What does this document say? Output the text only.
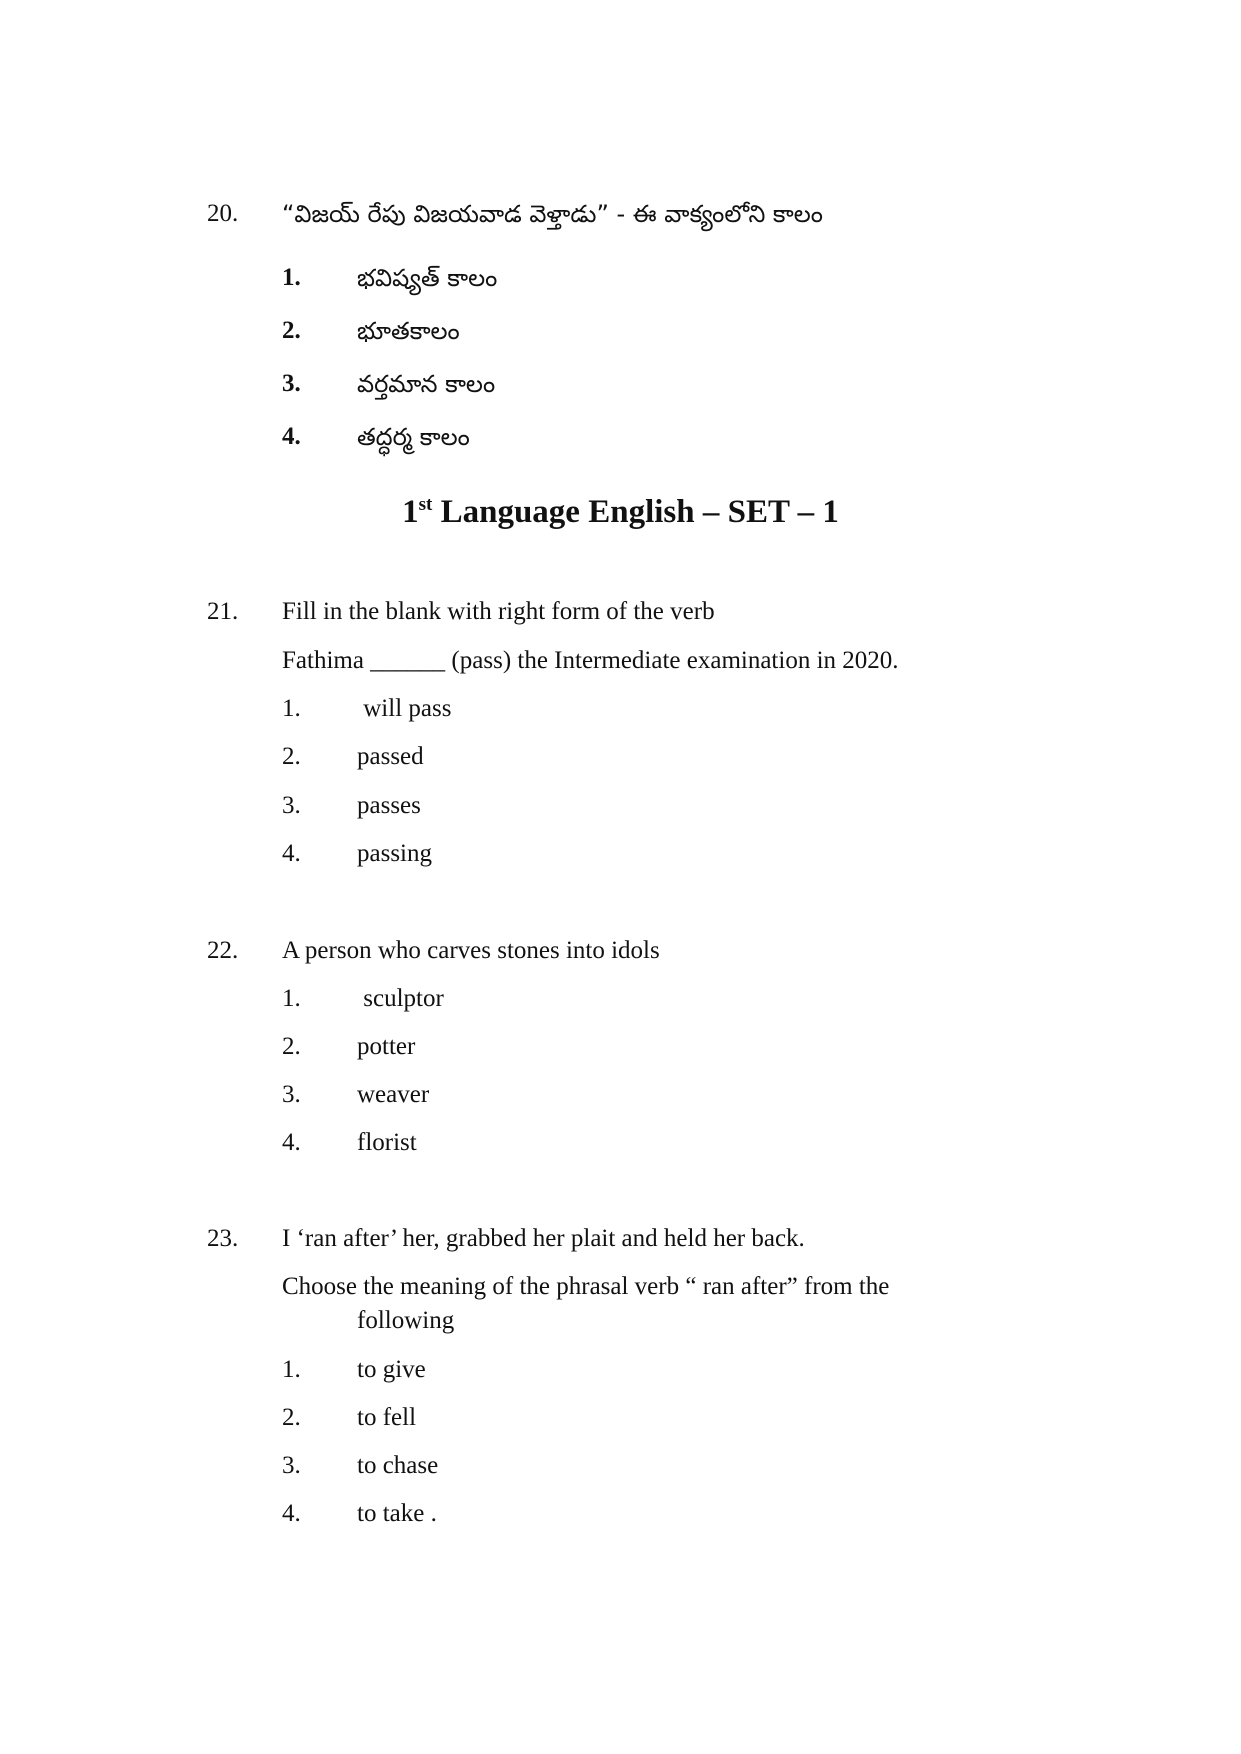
20. “విజయ్ రేపు విజయవాడ వెళ్తాడు” - ఈ వాక్యంలోని కాలం
1. భవిష్యత్ కాలం
2. భూతకాలం
3. వర్తమాన కాలం
4. తద్ధర్మ కాలం
1st Language English – SET – 1
21. Fill in the blank with right form of the verb
Fathima ______ (pass) the Intermediate examination in 2020.
1. will pass
2. passed
3. passes
4. passing
22. A person who carves stones into idols
1. sculptor
2. potter
3. weaver
4. florist
23. I ‘ran after’ her, grabbed her plait and held her back.
Choose the meaning of the phrasal verb “ ran after” from the
following
1. to give
2. to fell
3. to chase
4. to take .
